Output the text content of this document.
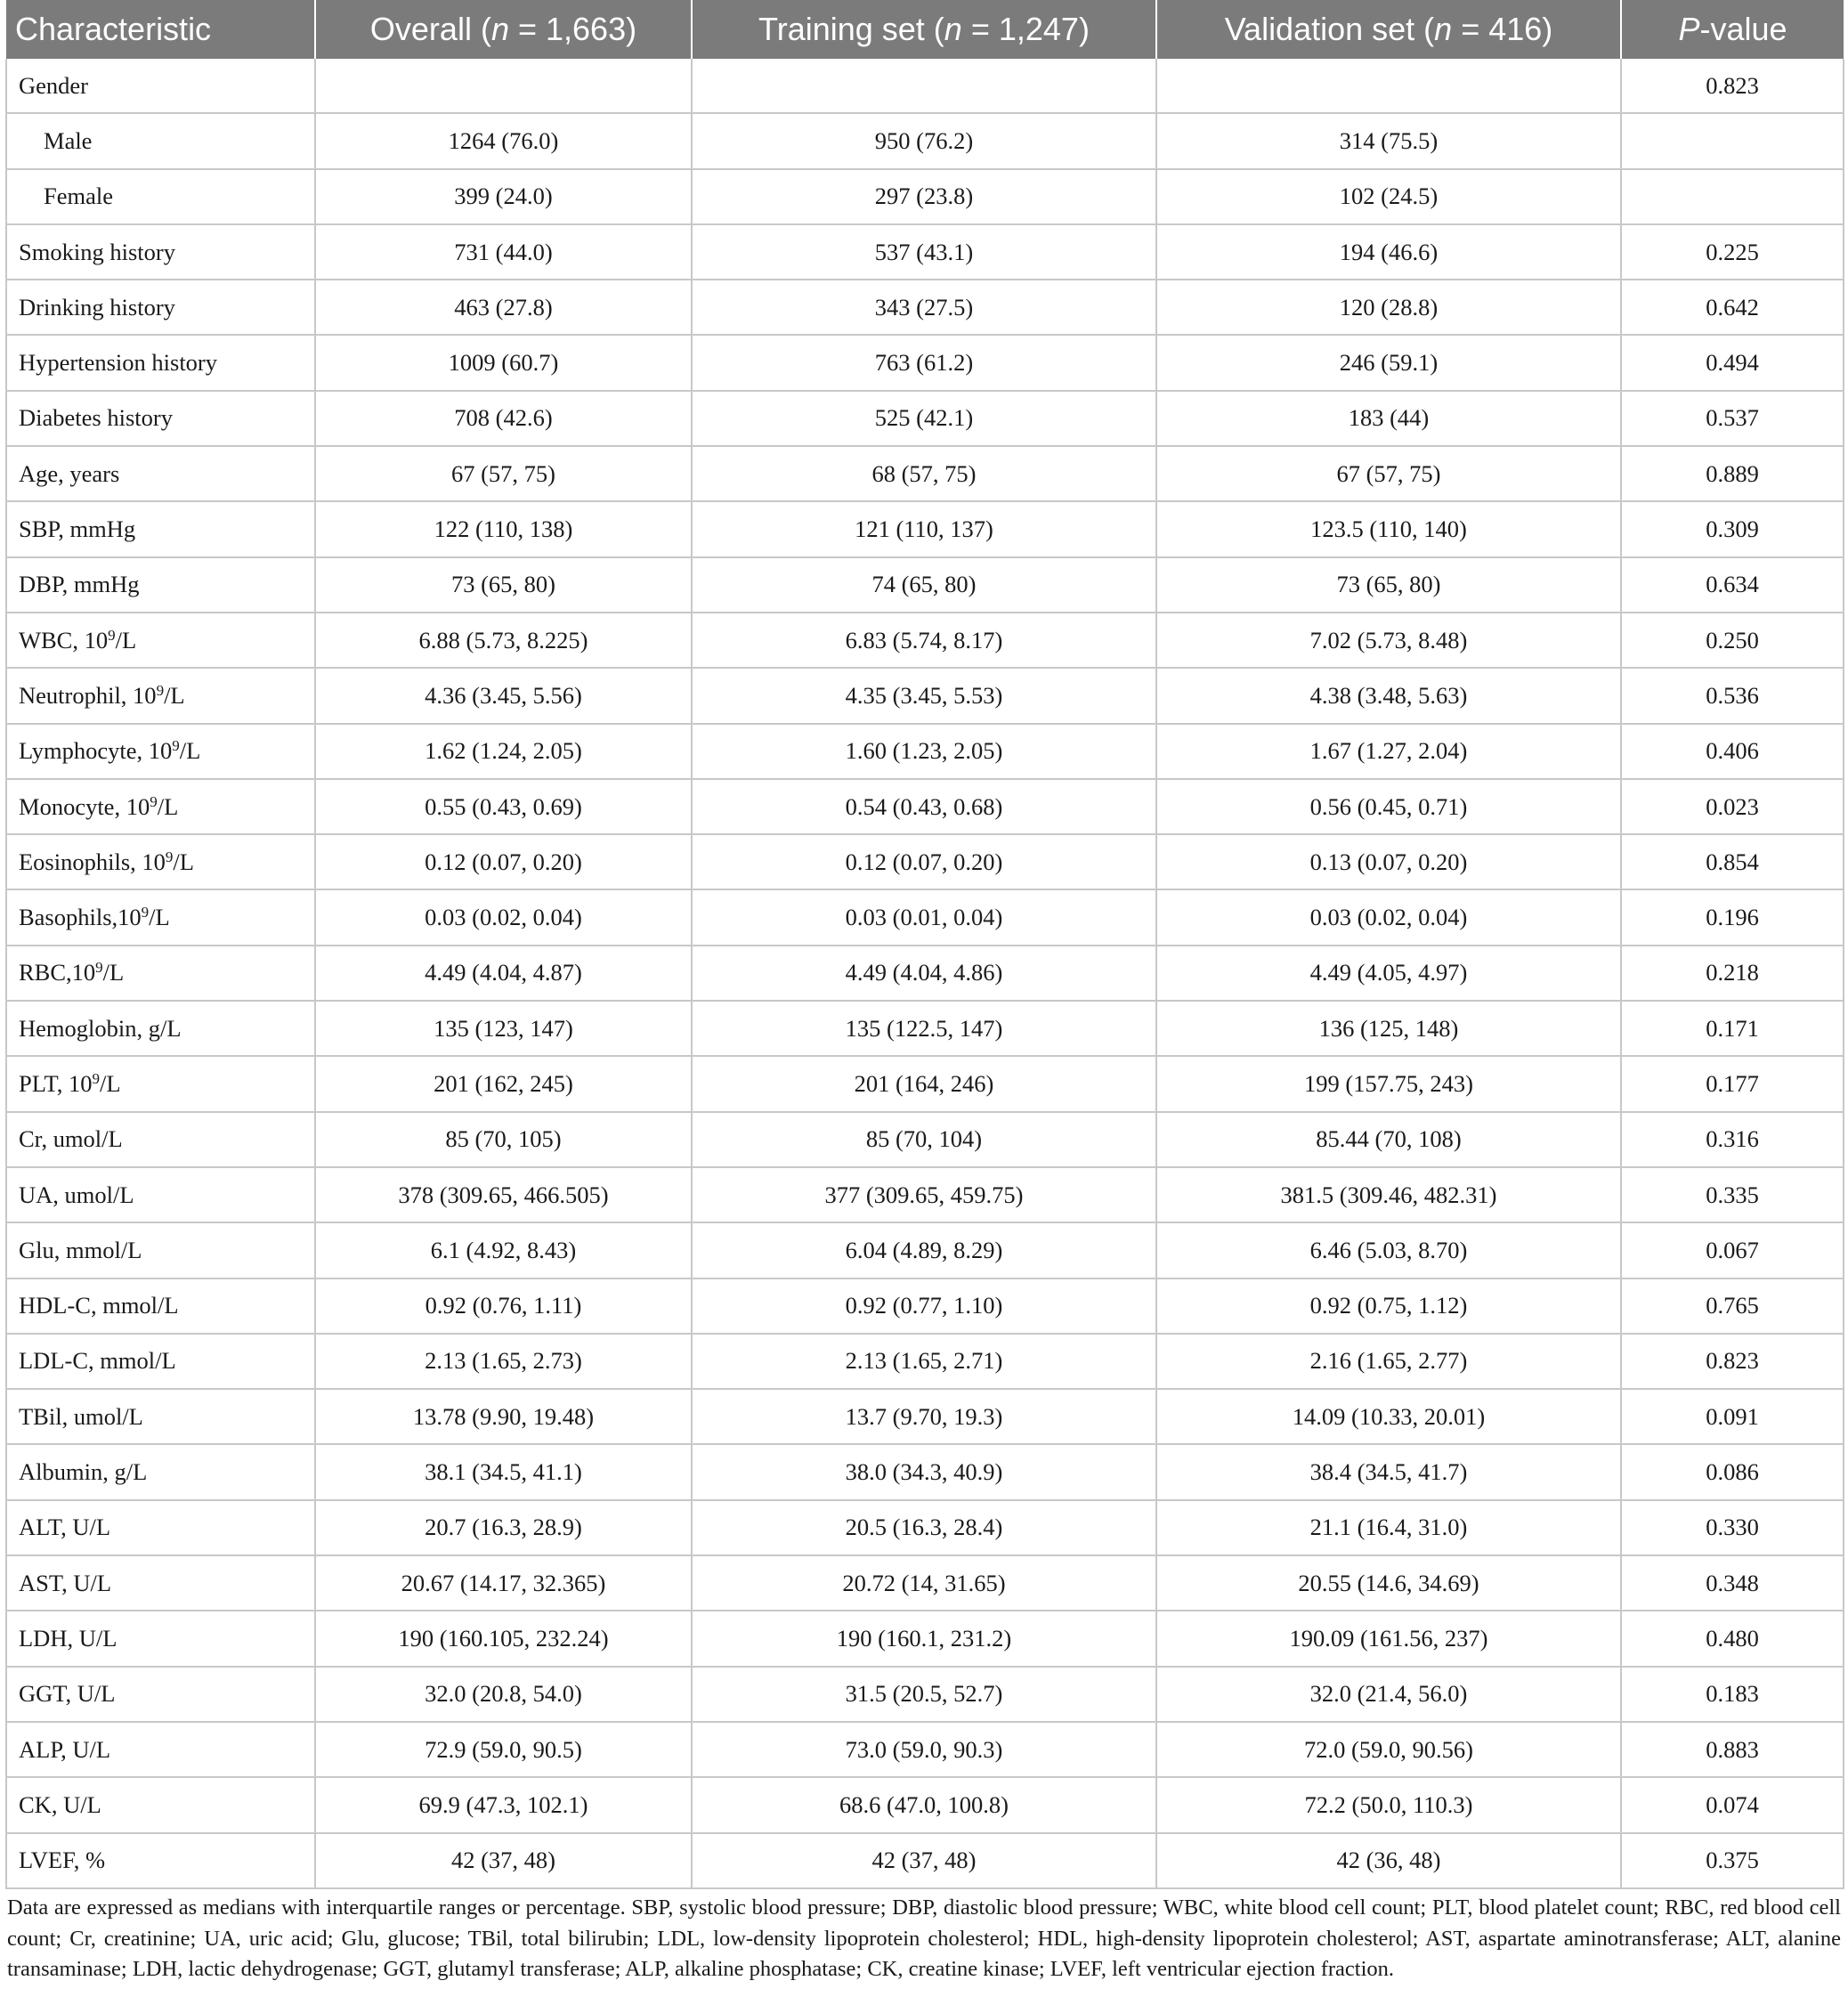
Characteristic	Overall (n = 1,663)	Training set (n = 1,247)	Validation set (n = 416)	P-value
Gender				0.823
Male	1264 (76.0)	950 (76.2)	314 (75.5)	
Female	399 (24.0)	297 (23.8)	102 (24.5)	
Smoking history	731 (44.0)	537 (43.1)	194 (46.6)	0.225
Drinking history	463 (27.8)	343 (27.5)	120 (28.8)	0.642
Hypertension history	1009 (60.7)	763 (61.2)	246 (59.1)	0.494
Diabetes history	708 (42.6)	525 (42.1)	183 (44)	0.537
Age, years	67 (57, 75)	68 (57, 75)	67 (57, 75)	0.889
SBP, mmHg	122 (110, 138)	121 (110, 137)	123.5 (110, 140)	0.309
DBP, mmHg	73 (65, 80)	74 (65, 80)	73 (65, 80)	0.634
WBC, $10^9/L$	6.88 (5.73, 8.225)	6.83 (5.74, 8.17)	7.02 (5.73, 8.48)	0.250
Neutrophil, $10^9/L$	4.36 (3.45, 5.56)	4.35 (3.45, 5.53)	4.38 (3.48, 5.63)	0.536
Lymphocyte, $10^9/L$	1.62 (1.24, 2.05)	1.60 (1.23, 2.05)	1.67 (1.27, 2.04)	0.406
Monocyte, $10^9/L$	0.55 (0.43, 0.69)	0.54 (0.43, 0.68)	0.56 (0.45, 0.71)	0.023
Eosinophils, $10^9/L$	0.12 (0.07, 0.20)	0.12 (0.07, 0.20)	0.13 (0.07, 0.20)	0.854
$Basophils,10^9/L$	0.03 (0.02, 0.04)	0.03 (0.01, 0.04)	0.03 (0.02, 0.04)	0.196
$RBC,10^9/L$	4.49 (4.04, 4.87)	4.49 (4.04, 4.86)	4.49 (4.05, 4.97)	0.218
Hemoglobin, g/L	135 (123, 147)	135 (122.5, 147)	136 (125, 148)	0.171
PLT, $10^9/L$	201 (162, 245)	201 (164, 246)	199 (157.75, 243)	0.177
Cr, umol/L	85 (70, 105)	85 (70, 104)	85.44 (70, 108)	0.316
UA, umol/L	378 (309.65, 466.505)	377 (309.65, 459.75)	381.5 (309.46, 482.31)	0.335
Glu, mmol/L	6.1 (4.92, 8.43)	6.04 (4.89, 8.29)	6.46 (5.03, 8.70)	0.067
HDL-C, mmol/L	0.92 (0.76, 1.11)	0.92 (0.77, 1.10)	0.92 (0.75, 1.12)	0.765
LDL-C, mmol/L	2.13 (1.65, 2.73)	2.13 (1.65, 2.71)	2.16 (1.65, 2.77)	0.823
TBil, umol/L	13.78 (9.90, 19.48)	13.7 (9.70, 19.3)	14.09 (10.33, 20.01)	0.091
Albumin, g/L	38.1 (34.5, 41.1)	38.0 (34.3, 40.9)	38.4 (34.5, 41.7)	0.086
ALT, U/L	20.7 (16.3, 28.9)	20.5 (16.3, 28.4)	21.1 (16.4, 31.0)	0.330
AST, U/L	20.67 (14.17, 32.365)	20.72 (14, 31.65)	20.55 (14.6, 34.69)	0.348
LDH, U/L	190 (160.105, 232.24)	190 (160.1, 231.2)	190.09 (161.56, 237)	0.480
GGT, U/L	32.0 (20.8, 54.0)	31.5 (20.5, 52.7)	32.0 (21.4, 56.0)	0.183
ALP, U/L	72.9 (59.0, 90.5)	73.0 (59.0, 90.3)	72.0 (59.0, 90.56)	0.883
CK, U/L	69.9 (47.3, 102.1)	68.6 (47.0, 100.8)	72.2 (50.0, 110.3)	0.074
LVEF, %	42 (37, 48)	42 (37, 48)	42 (36, 48)	0.375
Data are expressed as medians with interquartile ranges or percentage. SBP, systolic blood pressure; DBP, diastolic blood pressure; WBC, white blood cell count; PLT, blood platelet count; RBC, red blood cell count; Cr, creatinine; UA, uric acid; Glu, glucose; TBil, total bilirubin; LDL, low-density lipoprotein cholesterol; HDL, high-density lipoprotein cholesterol; AST, aspartate aminotransferase; ALT, alanine transaminase; LDH, lactic dehydrogenase; GGT, glutamyl transferase; ALP, alkaline phosphatase; CK, creatine kinase; LVEF, left ventricular ejection fraction.
